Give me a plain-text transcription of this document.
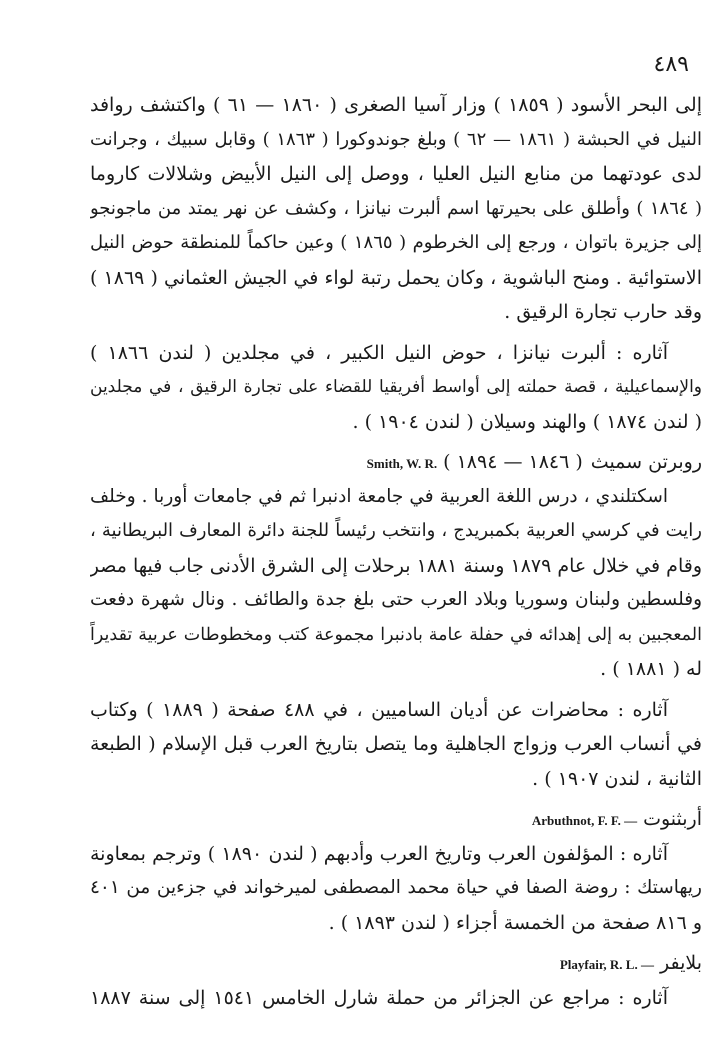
٤٨٩
إلى البحر الأسود ( ١٨٥٩ ) وزار آسيا الصغرى ( ١٨٦٠ — ٦١ ) واكتشف روافد
النيل في الحبشة ( ١٨٦١ — ٦٢ ) وبلغ جوندوكورا ( ١٨٦٣ ) وقابل سبيك ، وجرانت
لدى عودتهما من منابع النيل العليا ، ووصل إلى النيل الأبيض وشلالات كاروما
( ١٨٦٤ ) وأطلق على بحيرتها اسم ألبرت نيانزا ، وكشف عن نهر يمتد من ماجونجو
إلى جزيرة باتوان ، ورجع إلى الخرطوم ( ١٨٦٥ ) وعين حاكماً للمنطقة حوض النيل
الاستوائية . ومنح الباشوية ، وكان يحمل رتبة لواء في الجيش العثماني ( ١٨٦٩ )
وقد حارب تجارة الرقيق .
آثاره : ألبرت نيانزا ، حوض النيل الكبير ، في مجلدين ( لندن ١٨٦٦ )
والإسماعيلية ، قصة حملته إلى أواسط أفريقيا للقضاء على تجارة الرقيق ، في مجلدين
( لندن ١٨٧٤ ) والهند وسيلان ( لندن ١٩٠٤ ) .
Smith, W. R. ( ١٨٤٦ — ١٨٩٤ ) روبرتن سميث
اسكتلندي ، درس اللغة العربية في جامعة ادنبرا ثم في جامعات أوربا . وخلف
رايت في كرسي العربية بكمبريدج ، وانتخب رئيساً للجنة دائرة المعارف البريطانية ،
وقام في خلال عام ١٨٧٩ وسنة ١٨٨١ برحلات إلى الشرق الأدنى جاب فيها مصر
وفلسطين ولبنان وسوريا وبلاد العرب حتى بلغ جدة والطائف . ونال شهرة دفعت
المعجبين به إلى إهدائه في حفلة عامة بادنبرا مجموعة كتب ومخطوطات عربية تقديراً
له ( ١٨٨١ ) .
آثاره : محاضرات عن أديان الساميين ، في ٤٨٨ صفحة ( ١٨٨٩ ) وكتاب
في أنساب العرب وزواج الجاهلية وما يتصل بتاريخ العرب قبل الإسلام ( الطبعة
الثانية ، لندن ١٩٠٧ ) .
Arbuthnot, F. F. — أربثنوت
آثاره : المؤلفون العرب وتاريخ العرب وأدبهم ( لندن ١٨٩٠ ) وترجم بمعاونة
ريهاستك : روضة الصفا في حياة محمد المصطفى لميرخواند في جزءين من ٤٠١
و ٨١٦ صفحة من الخمسة أجزاء ( لندن ١٨٩٣ ) .
Playfair, R. L. — بلايفر
آثاره : مراجع عن الجزائر من حملة شارل الخامس ١٥٤١ إلى سنة ١٨٨٧
